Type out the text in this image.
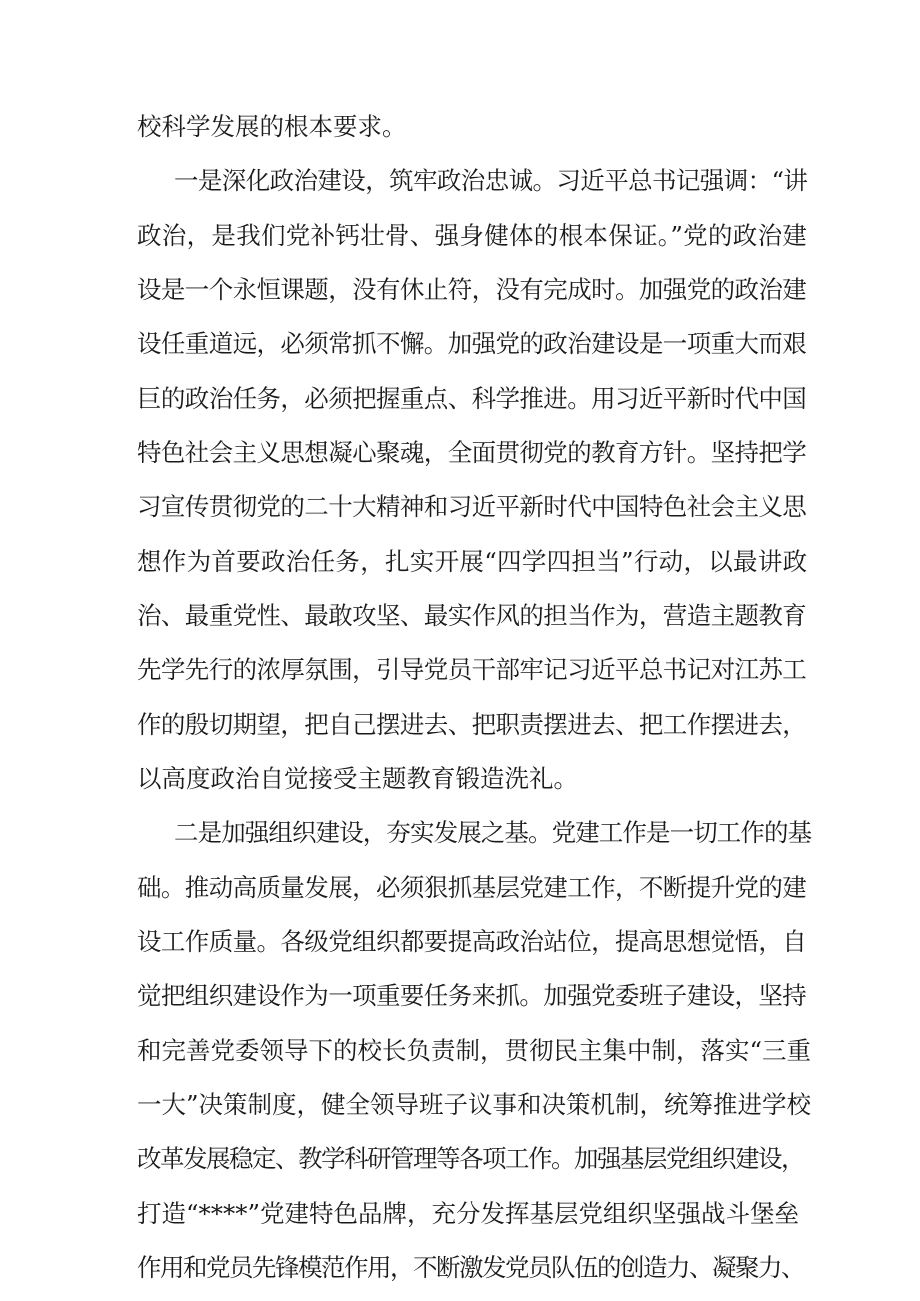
校科学发展的根本要求。
一是深化政治建设，筑牢政治忠诚。习近平总书记强调：“讲
政治，是我们党补钙壮骨、强身健体的根本保证。”党的政治建
设是一个永恒课题，没有休止符，没有完成时。加强党的政治建
设任重道远，必须常抓不懈。加强党的政治建设是一项重大而艰
巨的政治任务，必须把握重点、科学推进。用习近平新时代中国
特色社会主义思想凝心聚魂，全面贯彻党的教育方针。坚持把学
习宣传贯彻党的二十大精神和习近平新时代中国特色社会主义思
想作为首要政治任务，扎实开展“四学四担当”行动，以最讲政
治、最重党性、最敢攻坚、最实作风的担当作为，营造主题教育
先学先行的浓厚氛围，引导党员干部牢记习近平总书记对江苏工
作的殷切期望，把自己摆进去、把职责摆进去、把工作摆进去，
以高度政治自觉接受主题教育锻造洗礼。
二是加强组织建设，夯实发展之基。党建工作是一切工作的基
础。推动高质量发展，必须狠抓基层党建工作，不断提升党的建
设工作质量。各级党组织都要提高政治站位，提高思想觉悟，自
觉把组织建设作为一项重要任务来抓。加强党委班子建设，坚持
和完善党委领导下的校长负责制，贯彻民主集中制，落实“三重
一大”决策制度，健全领导班子议事和决策机制，统筹推进学校
改革发展稳定、教学科研管理等各项工作。加强基层党组织建设，
打造“****”党建特色品牌，充分发挥基层党组织坚强战斗堡垒
作用和党员先锋模范作用，不断激发党员队伍的创造力、凝聚力、
